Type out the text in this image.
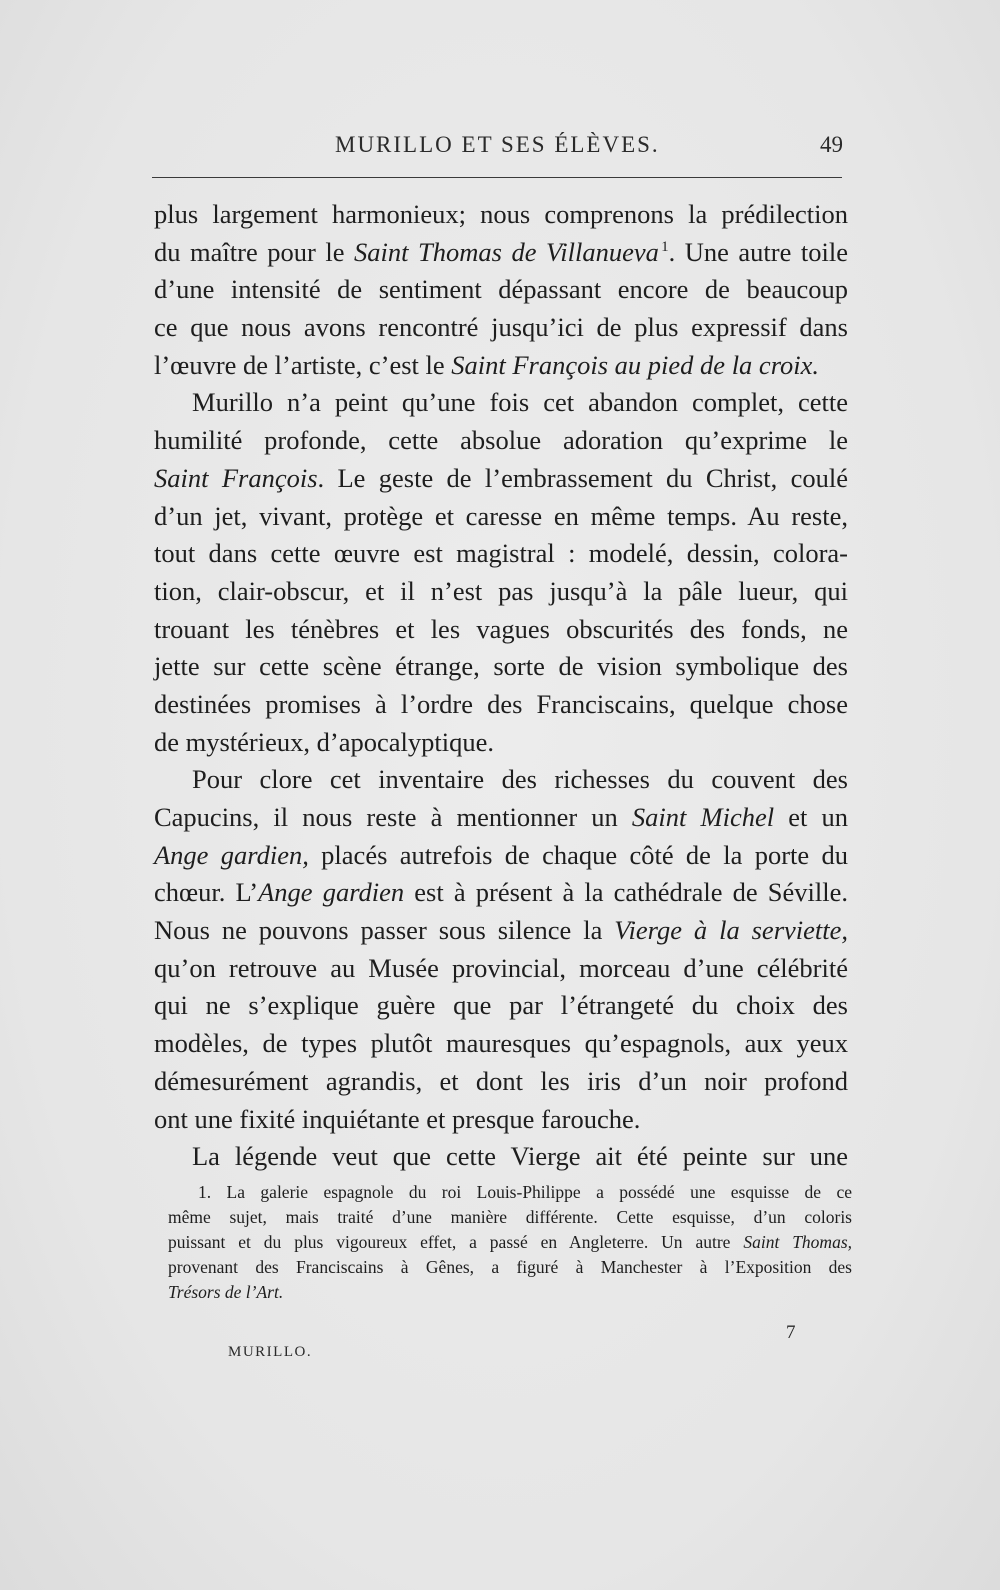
MURILLO ET SES ÉLÈVES.	49
plus largement harmonieux; nous comprenons la prédilection
du maître pour le Saint Thomas de Villanueva  $^1$. Une autre toile
d’une intensité de sentiment dépassant encore de beaucoup
ce que nous avons rencontré jusqu’ici de plus expressif dans
l’œuvre de l’artiste, c’est le Saint François au pied de la croix.
Murillo n’a peint qu’une fois cet abandon complet, cette
humilité profonde, cette absolue adoration qu’exprime le
Saint François. Le geste de l’embrassement du Christ, coulé
d’un jet, vivant, protège et caresse en même temps. Au reste,
tout dans cette œuvre est magistral : modelé, dessin, colora-
tion, clair-obscur, et il n’est pas jusqu’à la pâle lueur, qui
trouant les ténèbres et les vagues obscurités des fonds, ne
jette sur cette scène étrange, sorte de vision symbolique des
destinées promises à l’ordre des Franciscains, quelque chose
de mystérieux, d’apocalyptique.
Pour clore cet inventaire des richesses du couvent des
Capucins, il nous reste à mentionner un Saint Michel et un
Ange gardien, placés autrefois de chaque côté de la porte du
chœur. L’Ange gardien est à présent à la cathédrale de Séville.
Nous ne pouvons passer sous silence la Vierge à la serviette,
qu’on retrouve au Musée provincial, morceau d’une célébrité
qui ne s’explique guère que par l’étrangeté du choix des
modèles, de types plutôt mauresques qu’espagnols, aux yeux
démesurément agrandis, et dont les iris d’un noir profond
ont une fixité inquiétante et presque farouche.
La légende veut que cette Vierge ait été peinte sur une
1. La galerie espagnole du roi Louis-Philippe a possédé une esquisse de ce
même sujet, mais traité d’une manière différente. Cette esquisse, d’un coloris
puissant et du plus vigoureux effet, a passé en Angleterre. Un autre Saint Thomas,
provenant des Franciscains à Gênes, a figuré à Manchester à l’Exposition des
Trésors de l’Art.
MURILLO.
7
